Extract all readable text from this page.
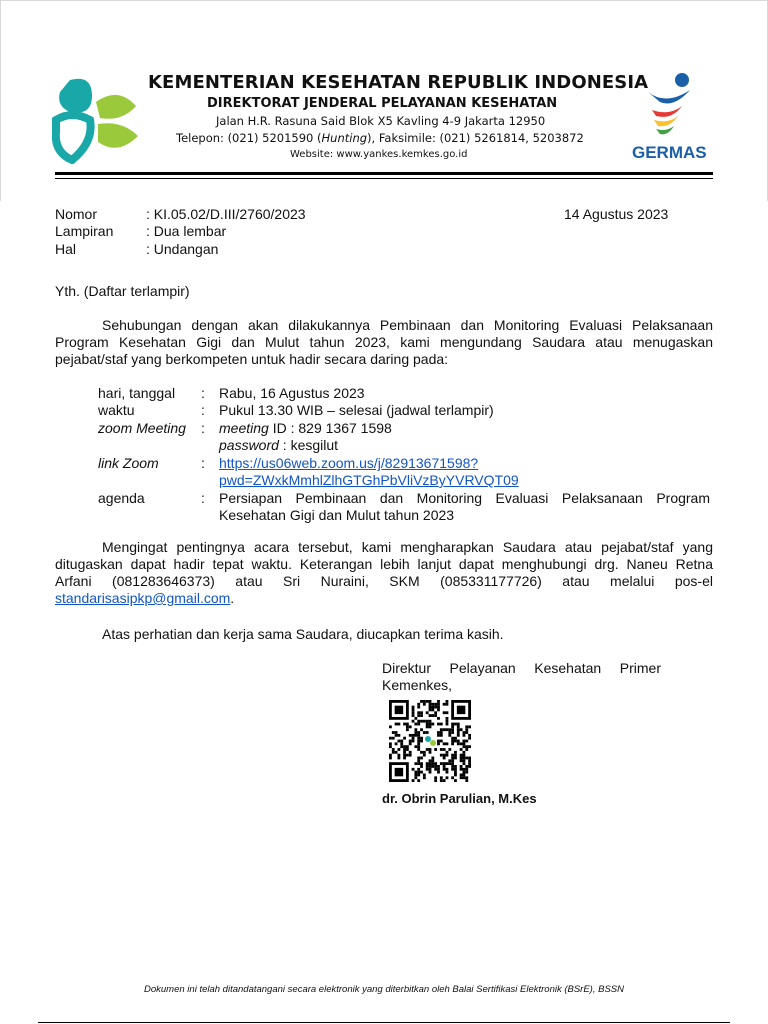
KEMENTERIAN KESEHATAN REPUBLIK INDONESIA
DIREKTORAT JENDERAL PELAYANAN KESEHATAN
Jalan H.R. Rasuna Said Blok X5 Kavling 4-9 Jakarta 12950
Telepon: (021) 5201590 (Hunting), Faksimile: (021) 5261814, 5203872
Website: www.yankes.kemkes.go.id	GERMAS
Nomor	: KI.05.02/D.III/2760/2023	14 Agustus 2023
Lampiran : Dua lembar
Hal	: Undangan
Yth. (Daftar terlampir)
Sehubungan dengan akan dilakukannya Pembinaan dan Monitoring Evaluasi Pelaksanaan
Program Kesehatan Gigi dan Mulut tahun 2023, kami mengundang Saudara atau menugaskan
pejabat/staf yang berkompeten untuk hadir secara daring pada:
hari, tanggal : Rabu, 16 Agustus 2023
waktu	: Pukul 13.30 WIB – selesai (jadwal terlampir)
zoom Meeting : meeting ID : 829 1367 1598
password : kesgilut
link Zoom	: https://us06web.zoom.us/j/82913671598?
pwd=ZWxkMmhlZlhGTGhPbVliVzByYVRVQT09
agenda	: Persiapan Pembinaan dan Monitoring Evaluasi Pelaksanaan Program
Kesehatan Gigi dan Mulut tahun 2023
Mengingat pentingnya acara tersebut, kami mengharapkan Saudara atau pejabat/staf yang
ditugaskan dapat hadir tepat waktu. Keterangan lebih lanjut dapat menghubungi drg. Naneu Retna
Arfani (081283646373) atau Sri Nuraini, SKM (085331177726) atau melalui pos-el
standarisasipkp@gmail.com.
Atas perhatian dan kerja sama Saudara, diucapkan terima kasih.
Direktur Pelayanan Kesehatan Primer
Kemenkes,
dr. Obrin Parulian, M.Kes
Dokumen ini telah ditandatangani secara elektronik yang diterbitkan oleh Balai Sertifikasi Elektronik (BSrE), BSSN
